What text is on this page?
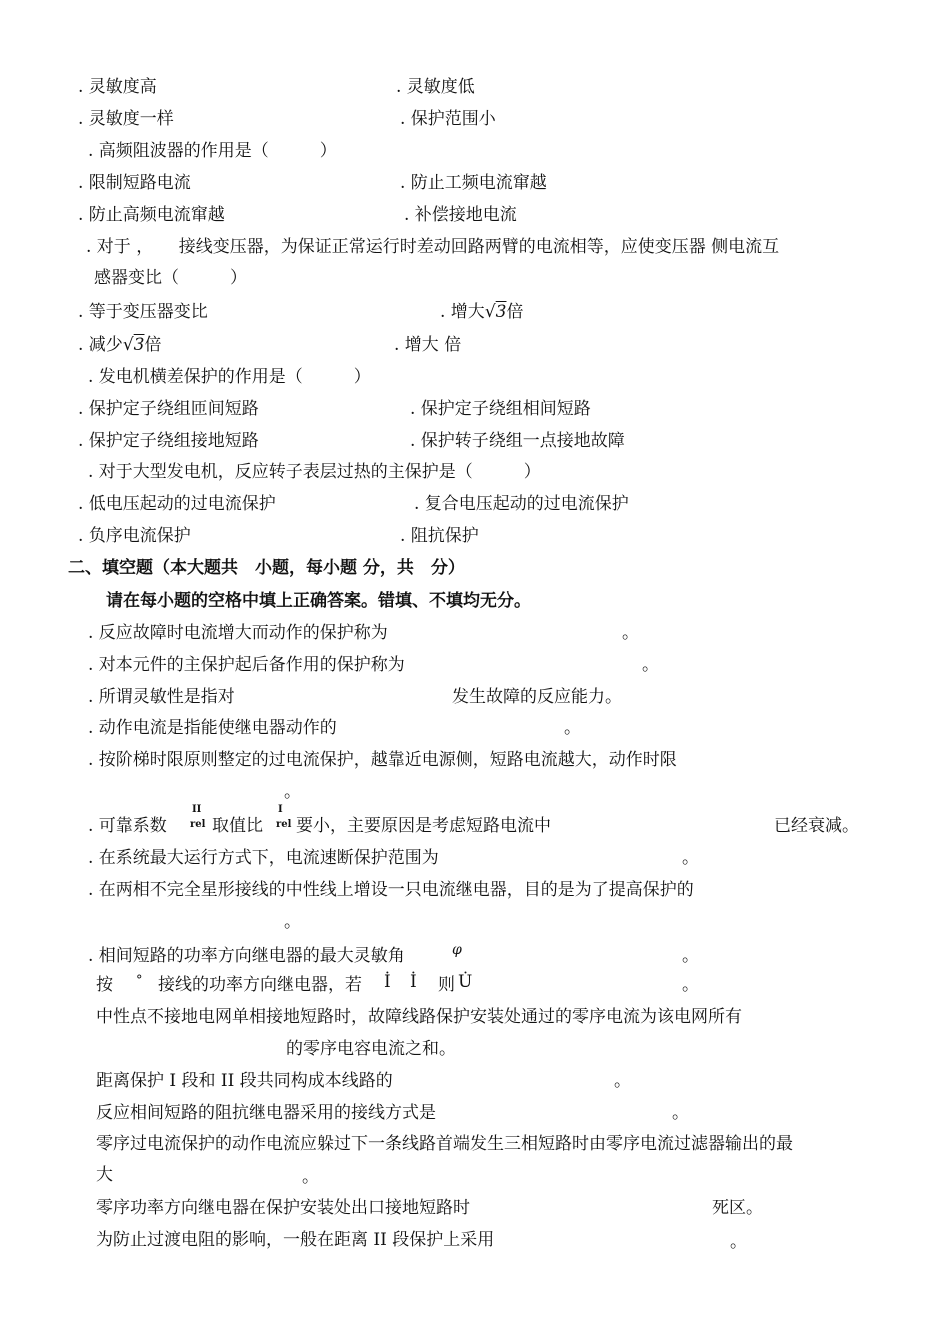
. 灵敏度高	. 灵敏度低
. 灵敏度一样	. 保护范围小
. 高频阻波器的作用是（　　　）
. 限制短路电流	. 防止工频电流窜越
. 防止高频电流窜越	. 补偿接地电流
. 对于 ，　　接线变压器，为保证正常运行时差动回路两臂的电流相等，应使变压器 侧电流互
感器变比（　　　）
. 等于变压器变比	. 增大√3倍
. 减少√3倍	. 增大 倍
. 发电机横差保护的作用是（　　　）
. 保护定子绕组匝间短路	. 保护定子绕组相间短路
. 保护定子绕组接地短路	. 保护转子绕组一点接地故障
. 对于大型发电机，反应转子表层过热的主保护是（　　　）
. 低电压起动的过电流保护	. 复合电压起动的过电流保护
. 负序电流保护	. 阻抗保护
二、填空题（本大题共　小题，每小题 分，共　分）
请在每小题的空格中填上正确答案。错填、不填均无分。
. 反应故障时电流增大而动作的保护称为	。
. 对本元件的主保护起后备作用的保护称为	。
. 所谓灵敏性是指对	发生故障的反应能力。
. 动作电流是指能使继电器动作的	。
. 按阶梯时限原则整定的过电流保护，越靠近电源侧，短路电流越大，动作时限
。
. 可靠系数
II
rel 取值比
I
rel 要小，主要原因是考虑短路电流中	已经衰减。
. 在系统最大运行方式下，电流速断保护范围为	。
. 在两相不完全星形接线的中性线上增设一只电流继电器，目的是为了提高保护的
。
. 相间短路的功率方向继电器的最大灵敏角	φ	。
按 ° 接线的功率方向继电器，若 İ İ 则 U̇	。
中性点不接地电网单相接地短路时，故障线路保护安装处通过的零序电流为该电网所有
的零序电容电流之和。
距离保护 I 段和 II 段共同构成本线路的	。
反应相间短路的阻抗继电器采用的接线方式是	。
零序过电流保护的动作电流应躲过下一条线路首端发生三相短路时由零序电流过滤器输出的最
大	。
零序功率方向继电器在保护安装处出口接地短路时	死区。
为防止过渡电阻的影响，一般在距离 II 段保护上采用	。
